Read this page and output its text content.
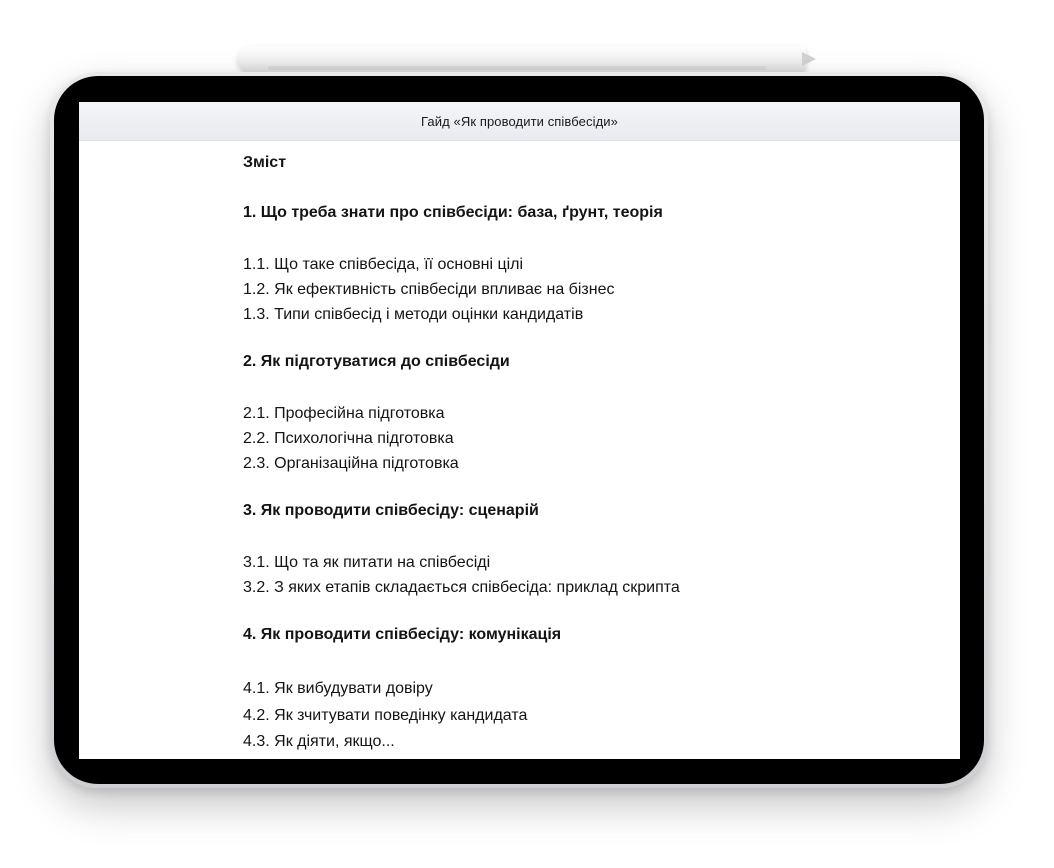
Гайд «Як проводити співбесіди»
Зміст
1. Що треба знати про співбесіди: база, ґрунт, теорія
1.1. Що таке співбесіда, її основні цілі
1.2. Як ефективність співбесіди впливає на бізнес
1.3. Типи співбесід і методи оцінки кандидатів
2. Як підготуватися до співбесіди
2.1. Професійна підготовка
2.2. Психологічна підготовка
2.3. Організаційна підготовка
3. Як проводити співбесіду: сценарій
3.1. Що та як питати на співбесіді
3.2. З яких етапів складається співбесіда: приклад скрипта
4. Як проводити співбесіду: комунікація
4.1. Як вибудувати довіру
4.2. Як зчитувати поведінку кандидата
4.3. Як діяти, якщо...
